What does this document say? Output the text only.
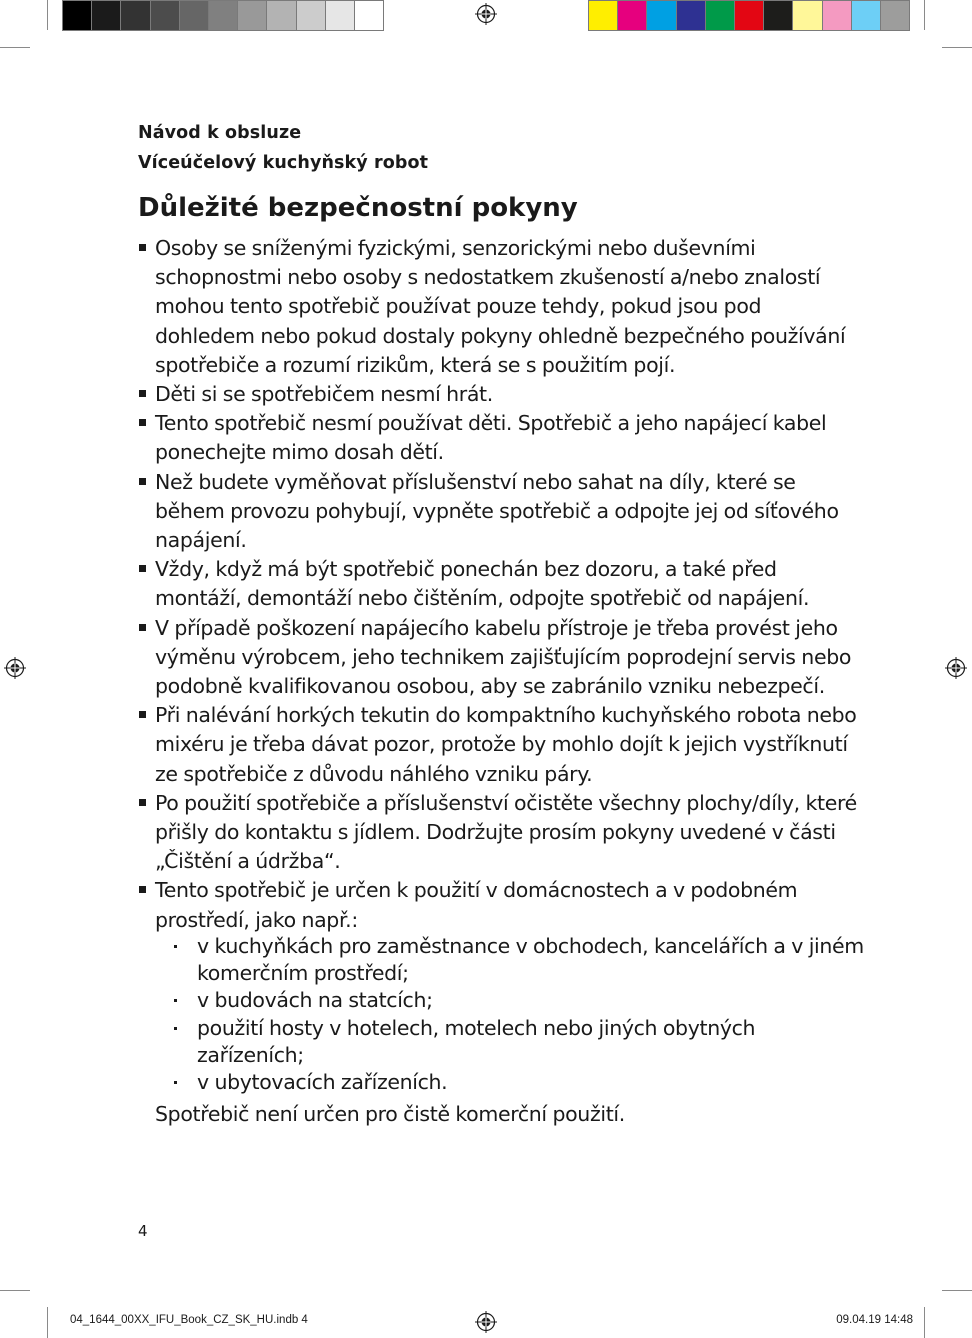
Návod k obsluze
Víceúčelový kuchyňský robot
Důležité bezpečnostní pokyny
Osoby se sníženými fyzickými, senzorickými nebo duševními schopnostmi nebo osoby s nedostatkem zkušeností a/nebo znalostí mohou tento spotřebič používat pouze tehdy, pokud jsou pod dohledem nebo pokud dostaly pokyny ohledně bezpečného používání spotřebiče a rozumí rizikům, která se s použitím pojí.
Děti si se spotřebičem nesmí hrát.
Tento spotřebič nesmí používat děti. Spotřebič a jeho napájecí kabel ponechejte mimo dosah dětí.
Než budete vyměňovat příslušenství nebo sahat na díly, které se během provozu pohybují, vypněte spotřebič a odpojte jej od síťového napájení.
Vždy, když má být spotřebič ponechán bez dozoru, a také před montáží, demontáží nebo čištěním, odpojte spotřebič od napájení.
V případě poškození napájecího kabelu přístroje je třeba provést jeho výměnu výrobcem, jeho technikem zajišťujícím poprodejní servis nebo podobně kvalifikovanou osobou, aby se zabránilo vzniku nebezpečí.
Při nalévání horkých tekutin do kompaktního kuchyňského robota nebo mixéru je třeba dávat pozor, protože by mohlo dojít k jejich vystříknutí ze spotřebiče z důvodu náhlého vzniku páry.
Po použití spotřebiče a příslušenství očistěte všechny plochy/díly, které přišly do kontaktu s jídlem. Dodržujte prosím pokyny uvedené v části „Čištění a údržba“.
Tento spotřebič je určen k použití v domácnostech a v podobném prostředí, jako např.:
v kuchyňkách pro zaměstnance v obchodech, kancelářích a v jiném komerčním prostředí;
v budovách na statcích;
použití hosty v hotelech, motelech nebo jiných obytných zařízeních;
v ubytovacích zařízeních.
Spotřebič není určen pro čistě komerční použití.
4
04_1644_00XX_IFU_Book_CZ_SK_HU.indb 4	09.04.19 14:48
